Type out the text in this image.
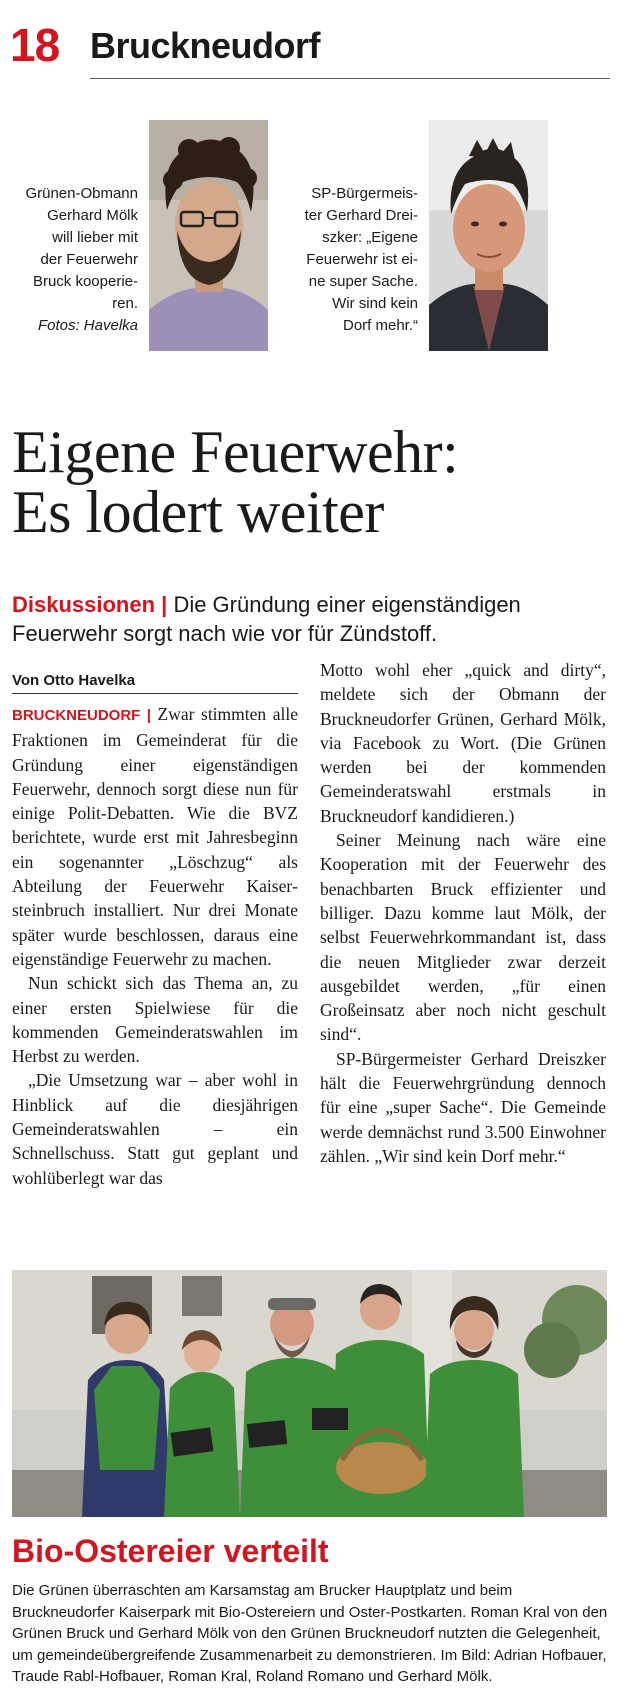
18 Bruckneudorf
Grünen-Obmann
Gerhard Mölk
will lieber mit
der Feuerwehr
Bruck kooperie-
ren.
Fotos: Havelka
SP-Bürgermeis-
ter Gerhard Drei-
szker: „Eigene
Feuerwehr ist ei-
ne super Sache.
Wir sind kein
Dorf mehr.“
Eigene Feuerwehr:
Es lodert weiter
Diskussionen | Die Gründung einer eigenständigen Feuerwehr sorgt nach wie vor für Zündstoff.
Von Otto Havelka

BRUCKNEUDORF | Zwar stimmten alle Fraktionen im Gemeinderat für die Gründung einer eigenständigen Feuerwehr, dennoch sorgt diese nun für einige Polit-Debatten. Wie die BVZ berichtete, wurde erst mit Jahresbeginn ein sogenannter „Löschzug“ als Abteilung der Feuerwehr Kaisersteinbruch installiert. Nur drei Monate später wurde beschlossen, daraus eine eigenständige Feuerwehr zu machen.

Nun schickt sich das Thema an, zu einer ersten Spielwiese für die kommenden Gemeinderatswahlen im Herbst zu werden.

„Die Umsetzung war – aber wohl in Hinblick auf die diesjährigen Gemeinderatswahlen – ein Schnellschuss. Statt gut geplant und wohlüberlegt war das

Motto wohl eher „quick and dirty“, meldete sich der Obmann der Bruckneudorfer Grünen, Gerhard Mölk, via Facebook zu Wort. (Die Grünen werden bei der kommenden Gemeinderatswahl erstmals in Bruckneudorf kandidieren.)

Seiner Meinung nach wäre eine Kooperation mit der Feuerwehr des benachbarten Bruck effizienter und billiger. Dazu komme laut Mölk, der selbst Feuerwehrkommandant ist, dass die neuen Mitglieder zwar derzeit ausgebildet werden, „für einen Großeinsatz aber noch nicht geschult sind“.

SP-Bürgermeister Gerhard Dreiszker hält die Feuerwehrgründung dennoch für eine „super Sache“. Die Gemeinde werde demnächst rund 3.500 Einwohner zählen. „Wir sind kein Dorf mehr.“

Bio-Ostereier verteilt
Die Grünen überraschten am Karsamstag am Brucker Hauptplatz und beim Bruckneudorfer Kaiserpark mit Bio-Ostereiern und Oster-Postkarten. Roman Kral von den Grünen Bruck und Gerhard Mölk von den Grünen Bruckneudorf nutzten die Gelegenheit, um gemeindeübergreifende Zusammenarbeit zu demonstrieren. Im Bild: Adrian Hofbauer, Traude Rabl-Hofbauer, Roman Kral, Roland Romano und Gerhard Mölk.
